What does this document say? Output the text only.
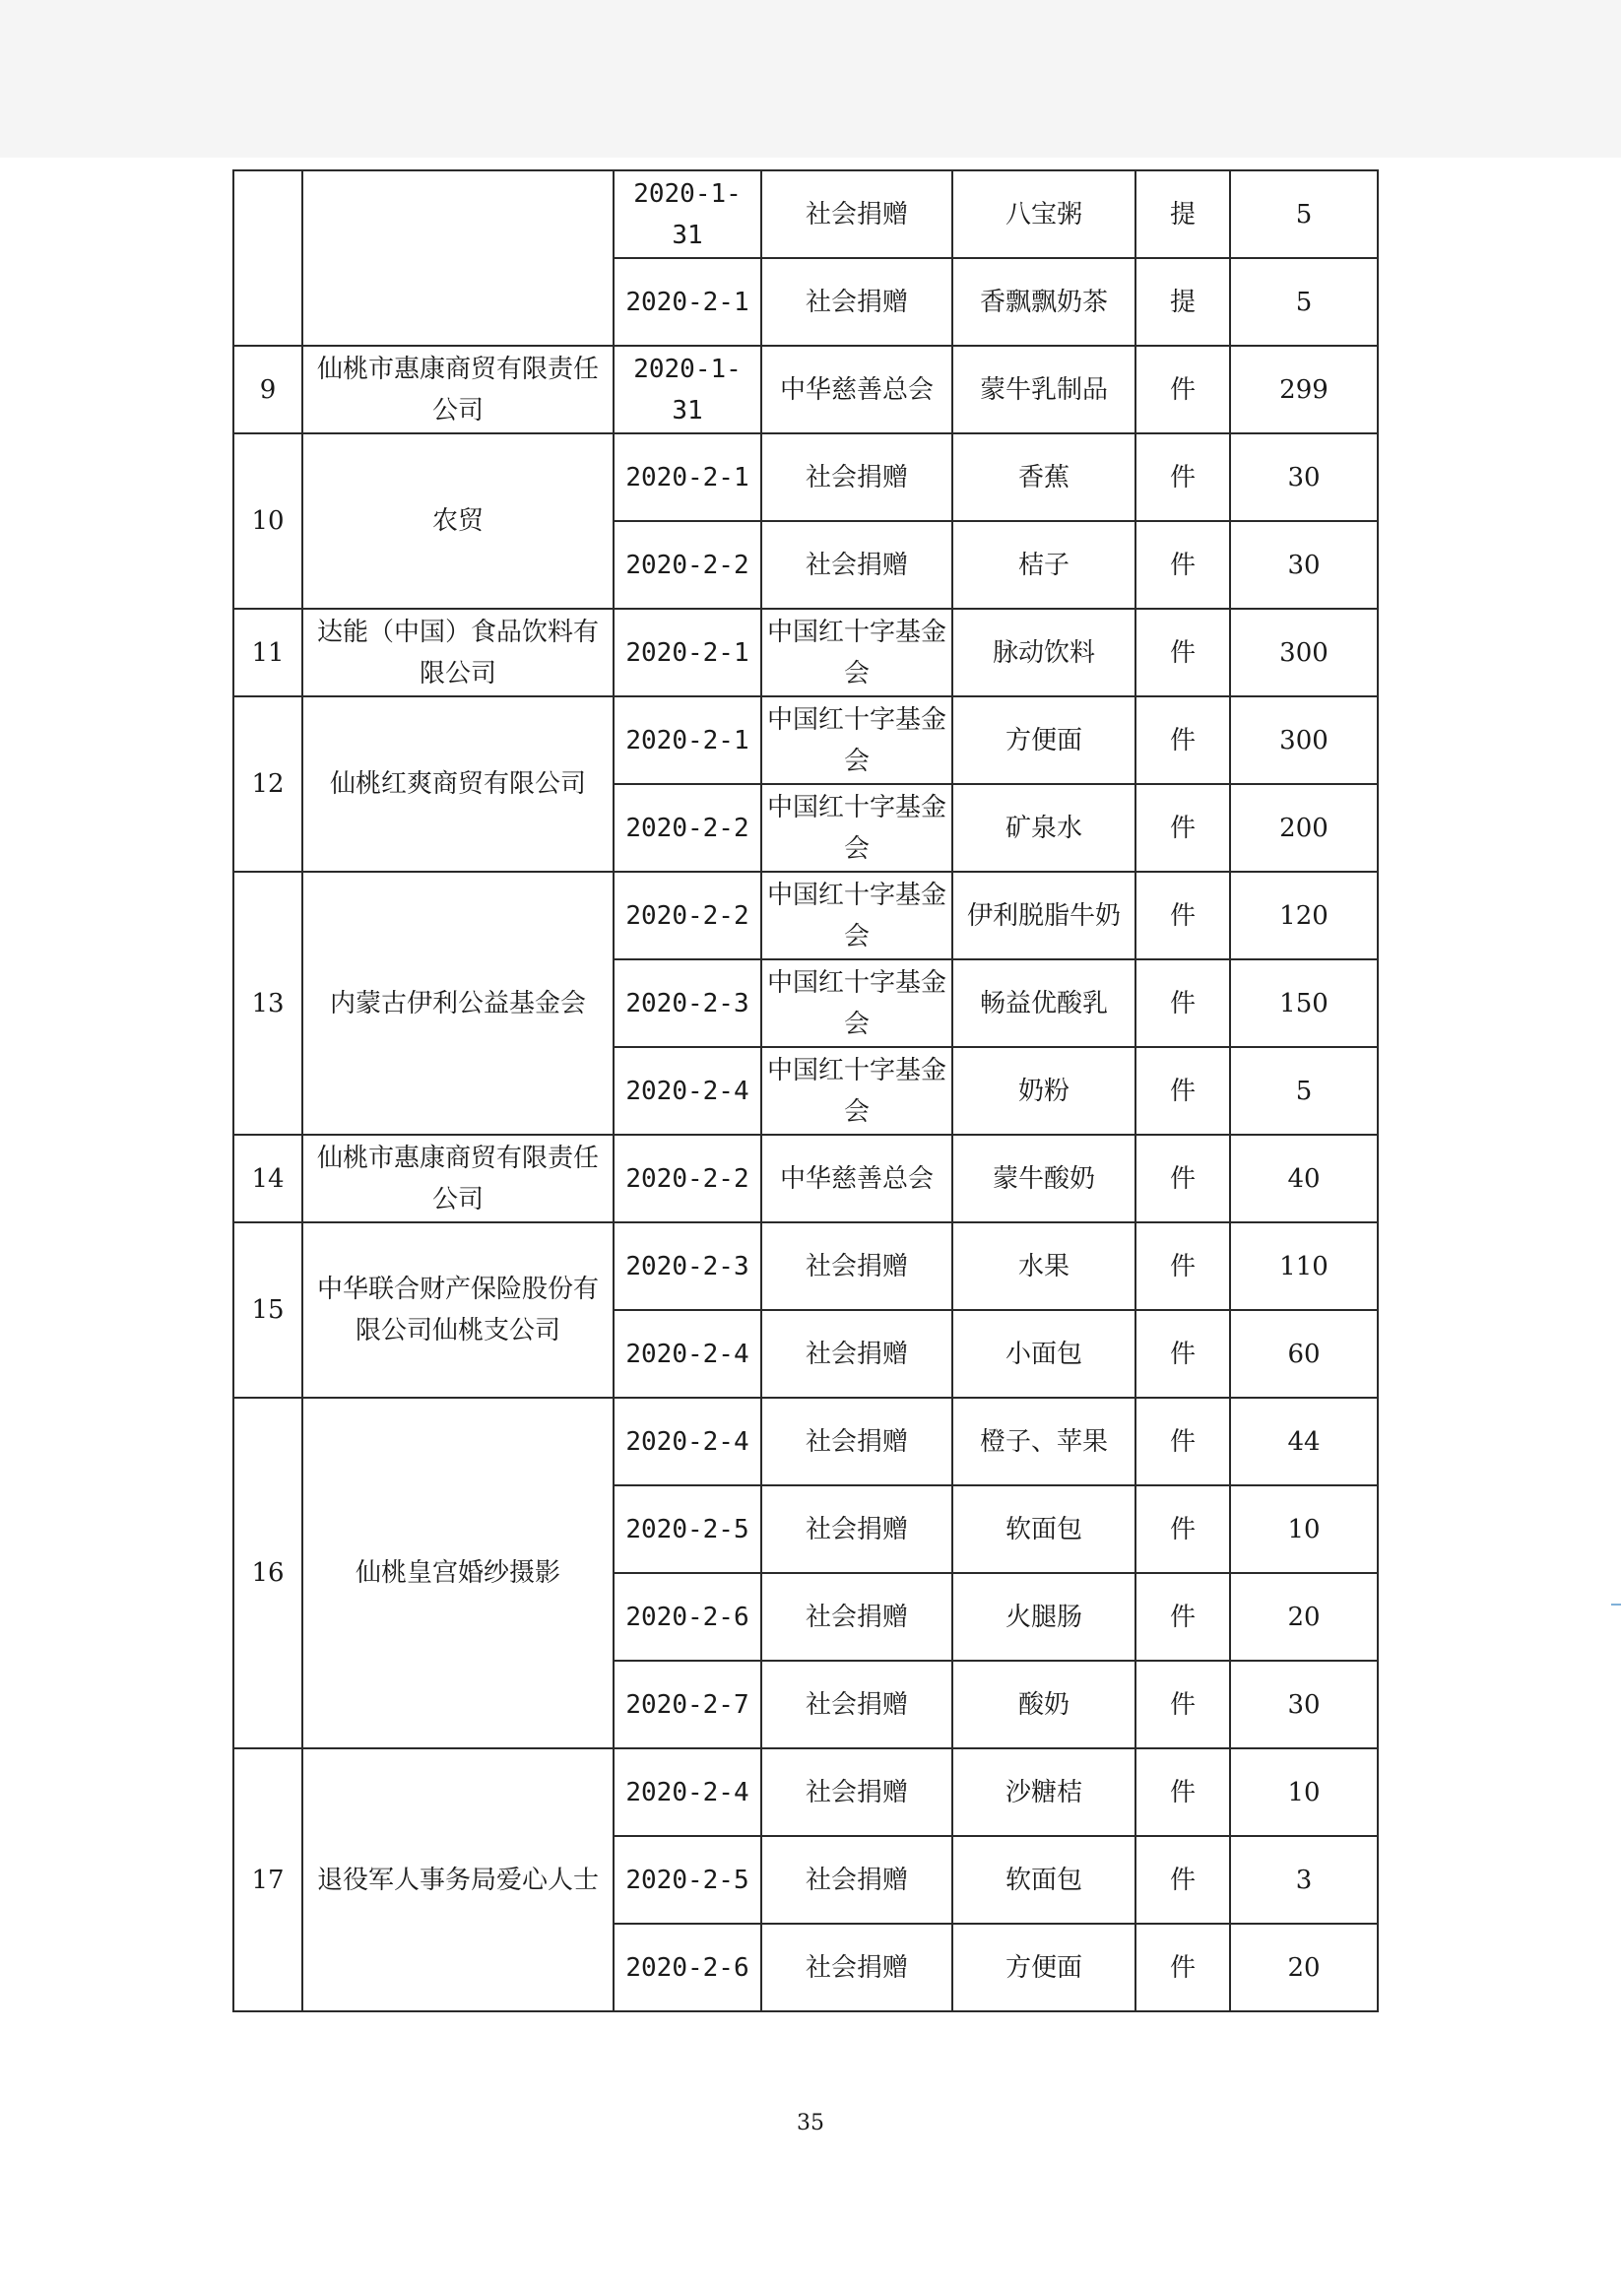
		2020-1-31	社会捐赠	八宝粥	提	5
		2020-2-1	社会捐赠	香飘飘奶茶	提	5
9	仙桃市惠康商贸有限责任公司	2020-1-31	中华慈善总会	蒙牛乳制品	件	299
10	农贸	2020-2-1	社会捐赠	香蕉	件	30
		2020-2-2	社会捐赠	桔子	件	30
11	达能（中国）食品饮料有限公司	2020-2-1	中国红十字基金会	脉动饮料	件	300
12	仙桃红爽商贸有限公司	2020-2-1	中国红十字基金会	方便面	件	300
		2020-2-2	中国红十字基金会	矿泉水	件	200
13	内蒙古伊利公益基金会	2020-2-2	中国红十字基金会	伊利脱脂牛奶	件	120
		2020-2-3	中国红十字基金会	畅益优酸乳	件	150
		2020-2-4	中国红十字基金会	奶粉	件	5
14	仙桃市惠康商贸有限责任公司	2020-2-2	中华慈善总会	蒙牛酸奶	件	40
15	中华联合财产保险股份有限公司仙桃支公司	2020-2-3	社会捐赠	水果	件	110
		2020-2-4	社会捐赠	小面包	件	60
16	仙桃皇宫婚纱摄影	2020-2-4	社会捐赠	橙子、苹果	件	44
		2020-2-5	社会捐赠	软面包	件	10
		2020-2-6	社会捐赠	火腿肠	件	20
		2020-2-7	社会捐赠	酸奶	件	30
17	退役军人事务局爱心人士	2020-2-4	社会捐赠	沙糖桔	件	10
		2020-2-5	社会捐赠	软面包	件	3
		2020-2-6	社会捐赠	方便面	件	20
35
